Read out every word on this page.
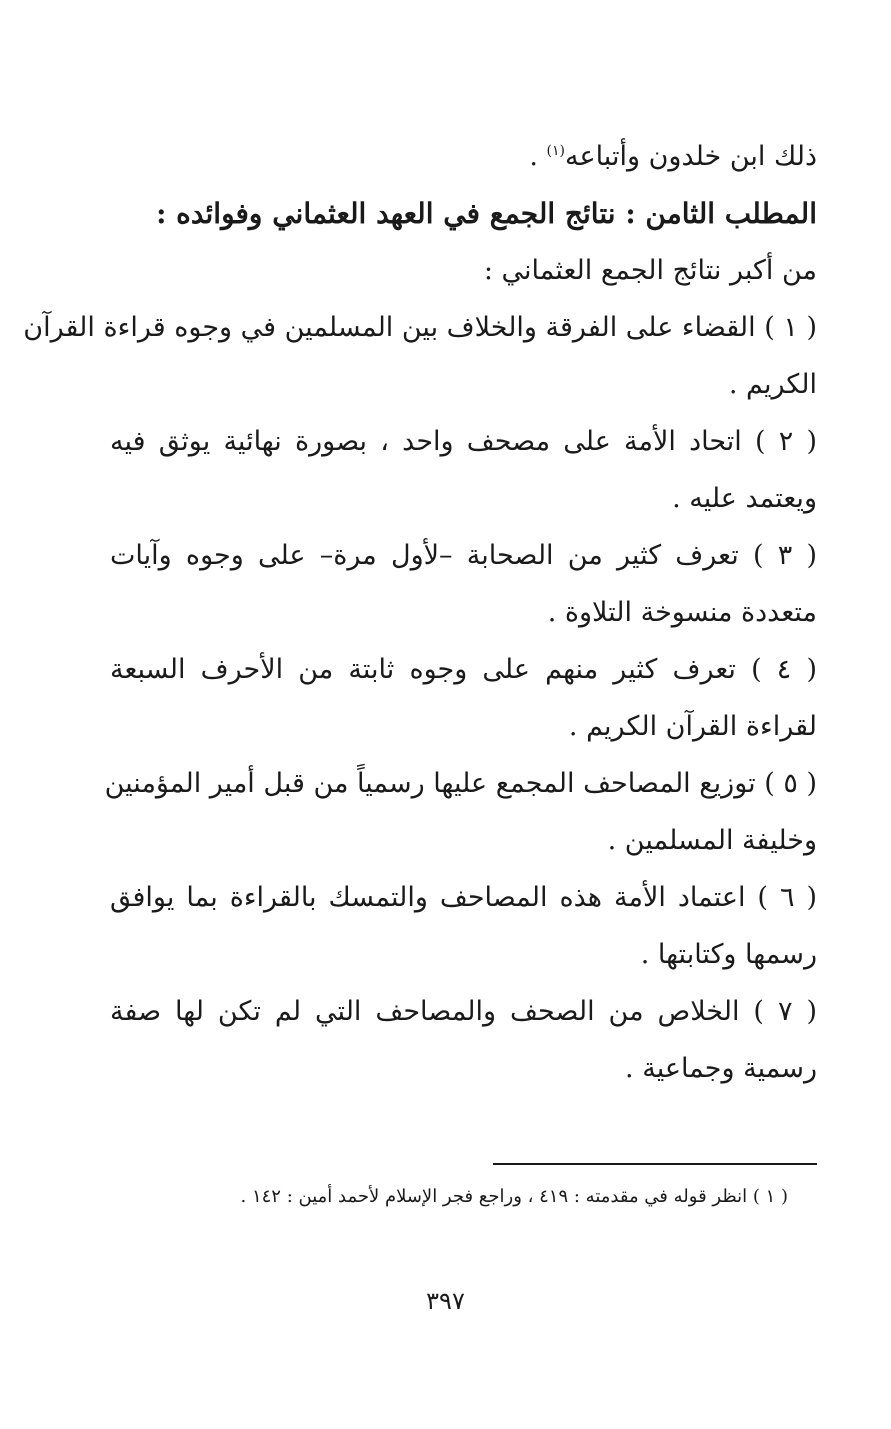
ذلك ابن خلدون وأتباعه$^{(١)}$ .
المطلب الثامن : نتائج الجمع في العهد العثماني وفوائده :
من أكبر نتائج الجمع العثماني :
( ١ ) القضاء على الفرقة والخلاف بين المسلمين في وجوه قراءة القرآن
الكريم .
( ٢ ) اتحاد الأمة على مصحف واحد ، بصورة نهائية يوثق فيه
ويعتمد عليه .
( ٣ ) تعرف كثير من الصحابة –لأول مرة– على وجوه وآيات
متعددة منسوخة التلاوة .
( ٤ ) تعرف كثير منهم على وجوه ثابتة من الأحرف السبعة
لقراءة القرآن الكريم .
( ٥ ) توزيع المصاحف المجمع عليها رسمياً من قبل أمير المؤمنين
وخليفة المسلمين .
( ٦ ) اعتماد الأمة هذه المصاحف والتمسك بالقراءة بما يوافق
رسمها وكتابتها .
( ٧ ) الخلاص من الصحف والمصاحف التي لم تكن لها صفة
رسمية وجماعية .
( ١ ) انظر قوله في مقدمته : ٤١٩ ، وراجع فجر الإسلام لأحمد أمين : ١٤٢ .
٣٩٧
